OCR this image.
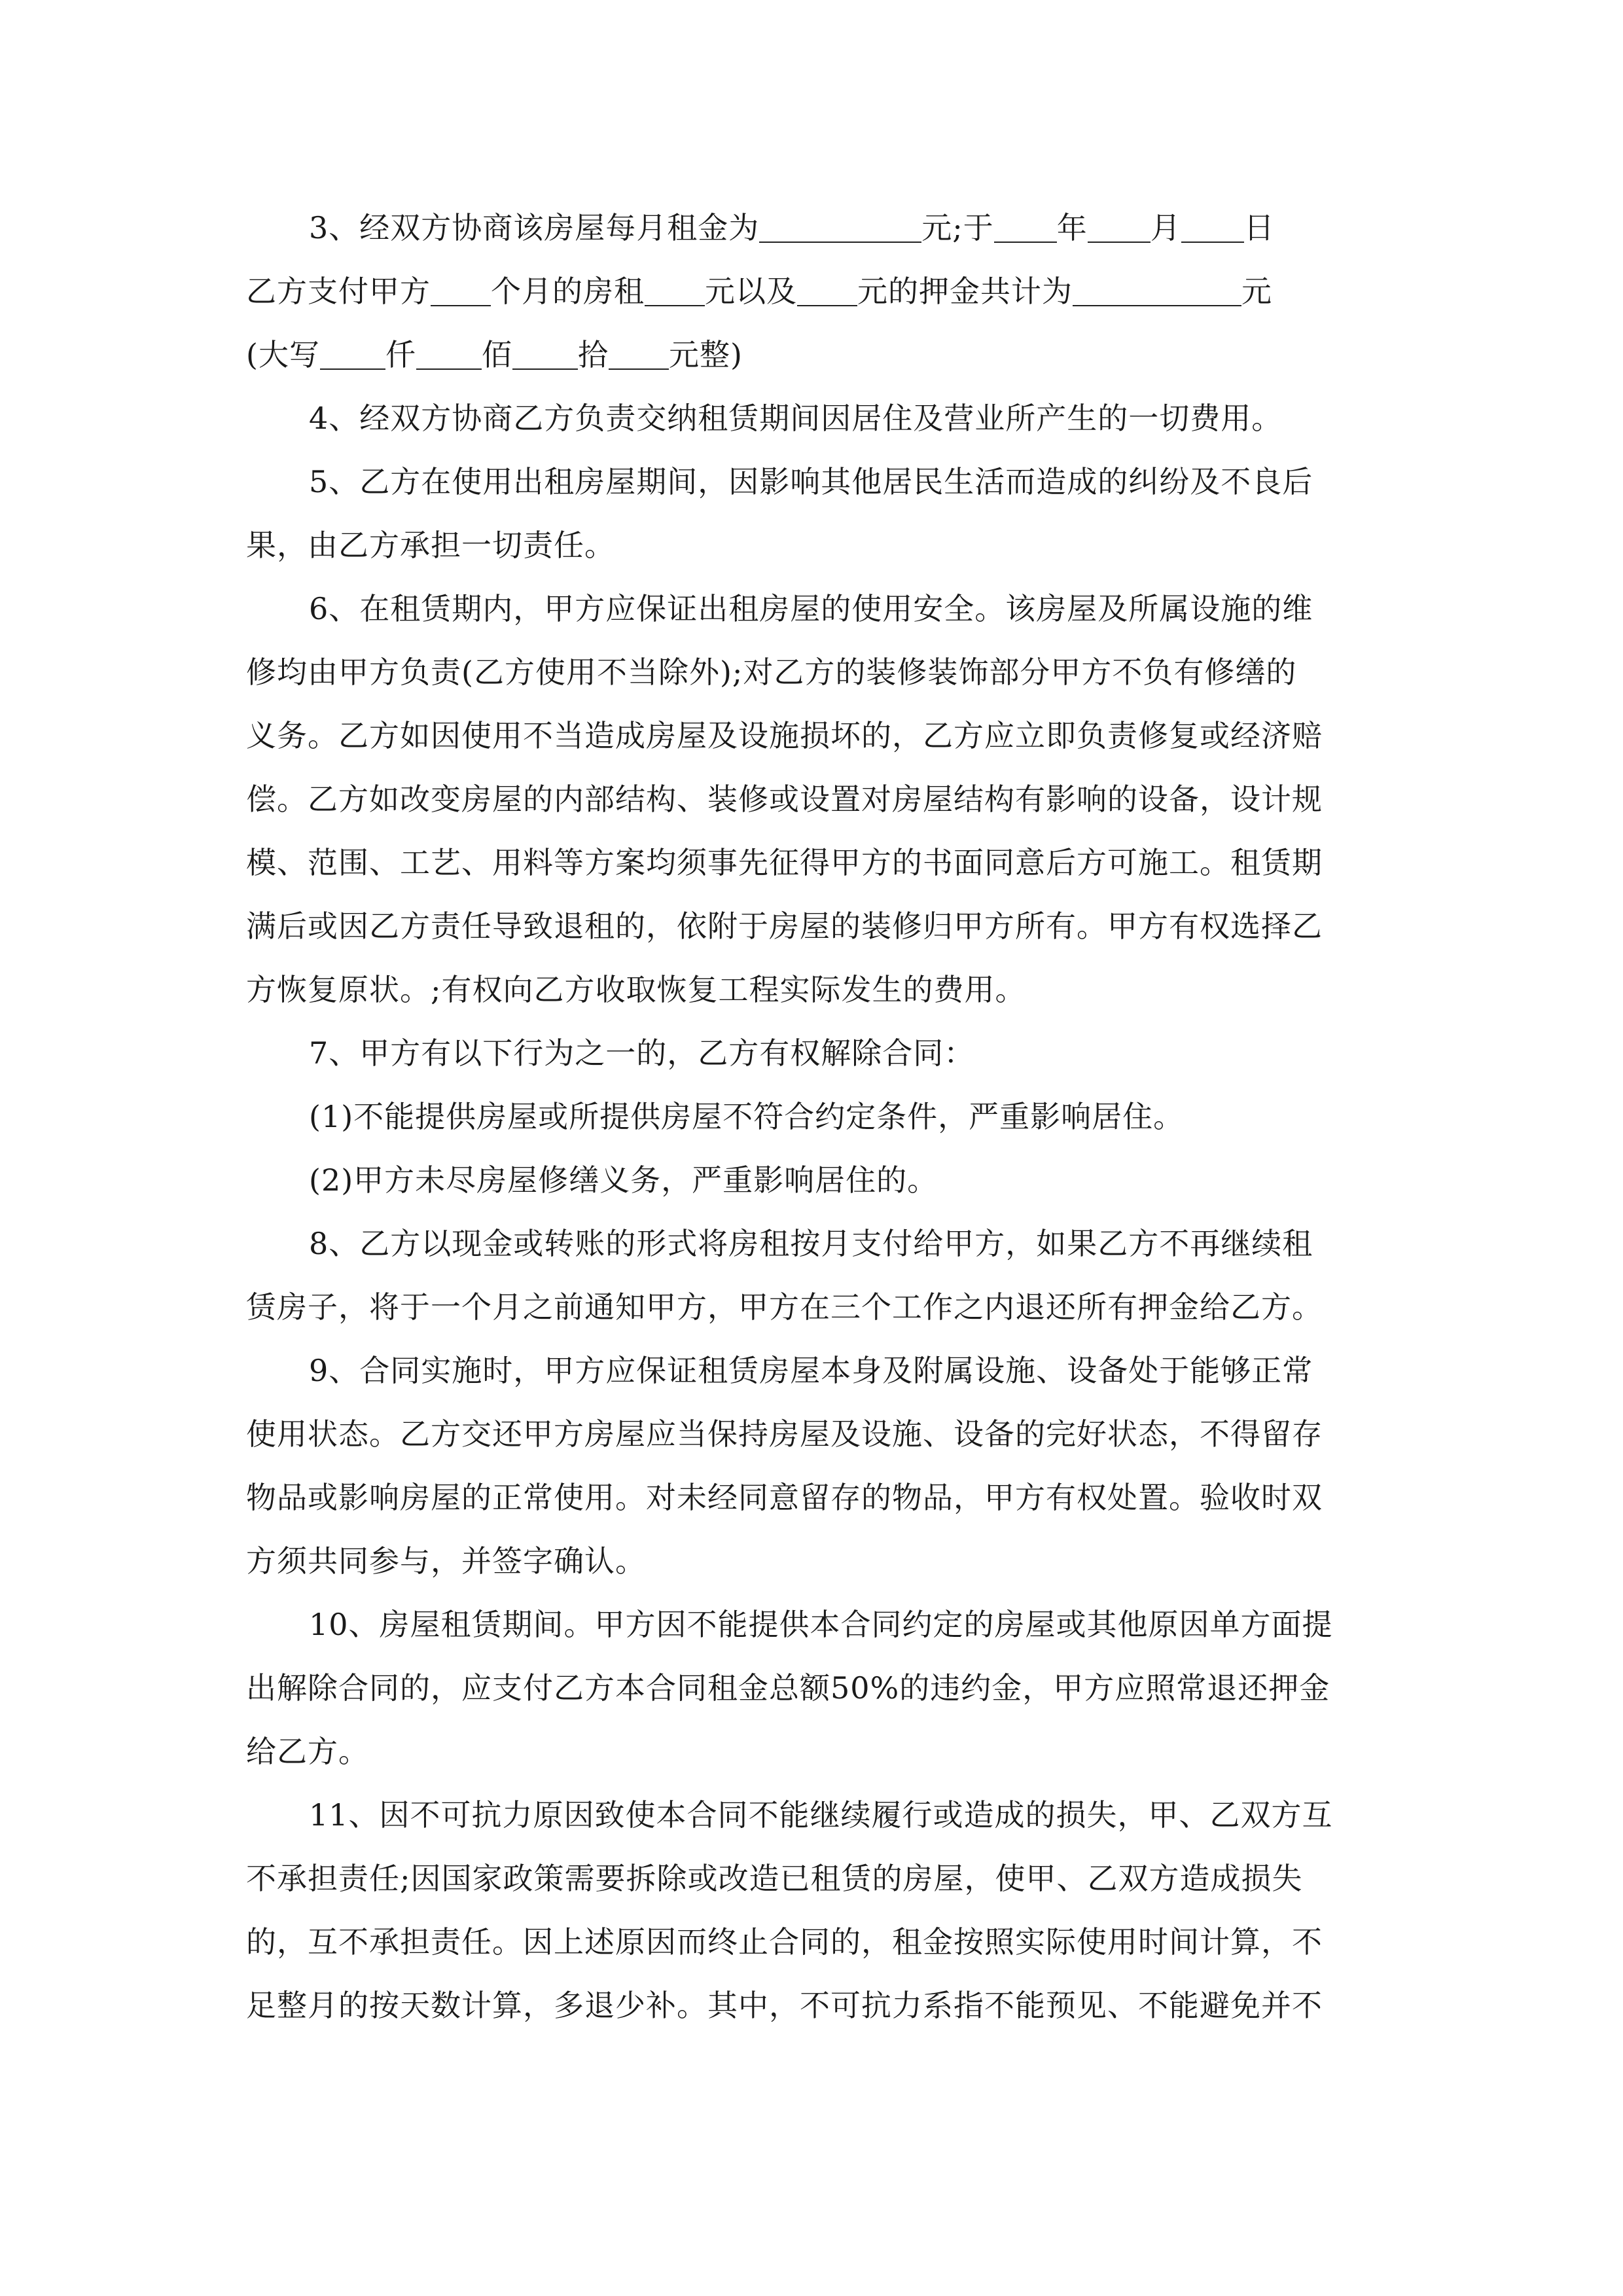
3、经双方协商该房屋每月租金为	元;于 年 月 日
乙方支付甲方 个月的房租 元以及 元的押金共计为	元
(大写 仟 佰 拾 元整)
4、经双方协商乙方负责交纳租赁期间因居住及营业所产生的一切费用。
5、乙方在使用出租房屋期间，因影响其他居民生活而造成的纠纷及不良后
果，由乙方承担一切责任。
6、在租赁期内，甲方应保证出租房屋的使用安全。该房屋及所属设施的维
修均由甲方负责(乙方使用不当除外);对乙方的装修装饰部分甲方不负有修缮的
义务。乙方如因使用不当造成房屋及设施损坏的，乙方应立即负责修复或经济赔
偿。乙方如改变房屋的内部结构、装修或设置对房屋结构有影响的设备，设计规
模、范围、工艺、用料等方案均须事先征得甲方的书面同意后方可施工。租赁期
满后或因乙方责任导致退租的，依附于房屋的装修归甲方所有。甲方有权选择乙
方恢复原状。;有权向乙方收取恢复工程实际发生的费用。
7、甲方有以下行为之一的，乙方有权解除合同：
(1)不能提供房屋或所提供房屋不符合约定条件，严重影响居住。
(2)甲方未尽房屋修缮义务，严重影响居住的。
8、乙方以现金或转账的形式将房租按月支付给甲方，如果乙方不再继续租
赁房子，将于一个月之前通知甲方，甲方在三个工作之内退还所有押金给乙方。
9、合同实施时，甲方应保证租赁房屋本身及附属设施、设备处于能够正常
使用状态。乙方交还甲方房屋应当保持房屋及设施、设备的完好状态，不得留存
物品或影响房屋的正常使用。对未经同意留存的物品，甲方有权处置。验收时双
方须共同参与，并签字确认。
10、房屋租赁期间。甲方因不能提供本合同约定的房屋或其他原因单方面提
出解除合同的，应支付乙方本合同租金总额50%的违约金，甲方应照常退还押金
给乙方。
11、因不可抗力原因致使本合同不能继续履行或造成的损失，甲、乙双方互
不承担责任;因国家政策需要拆除或改造已租赁的房屋，使甲、乙双方造成损失
的，互不承担责任。因上述原因而终止合同的，租金按照实际使用时间计算，不
足整月的按天数计算，多退少补。其中，不可抗力系指不能预见、不能避免并不
